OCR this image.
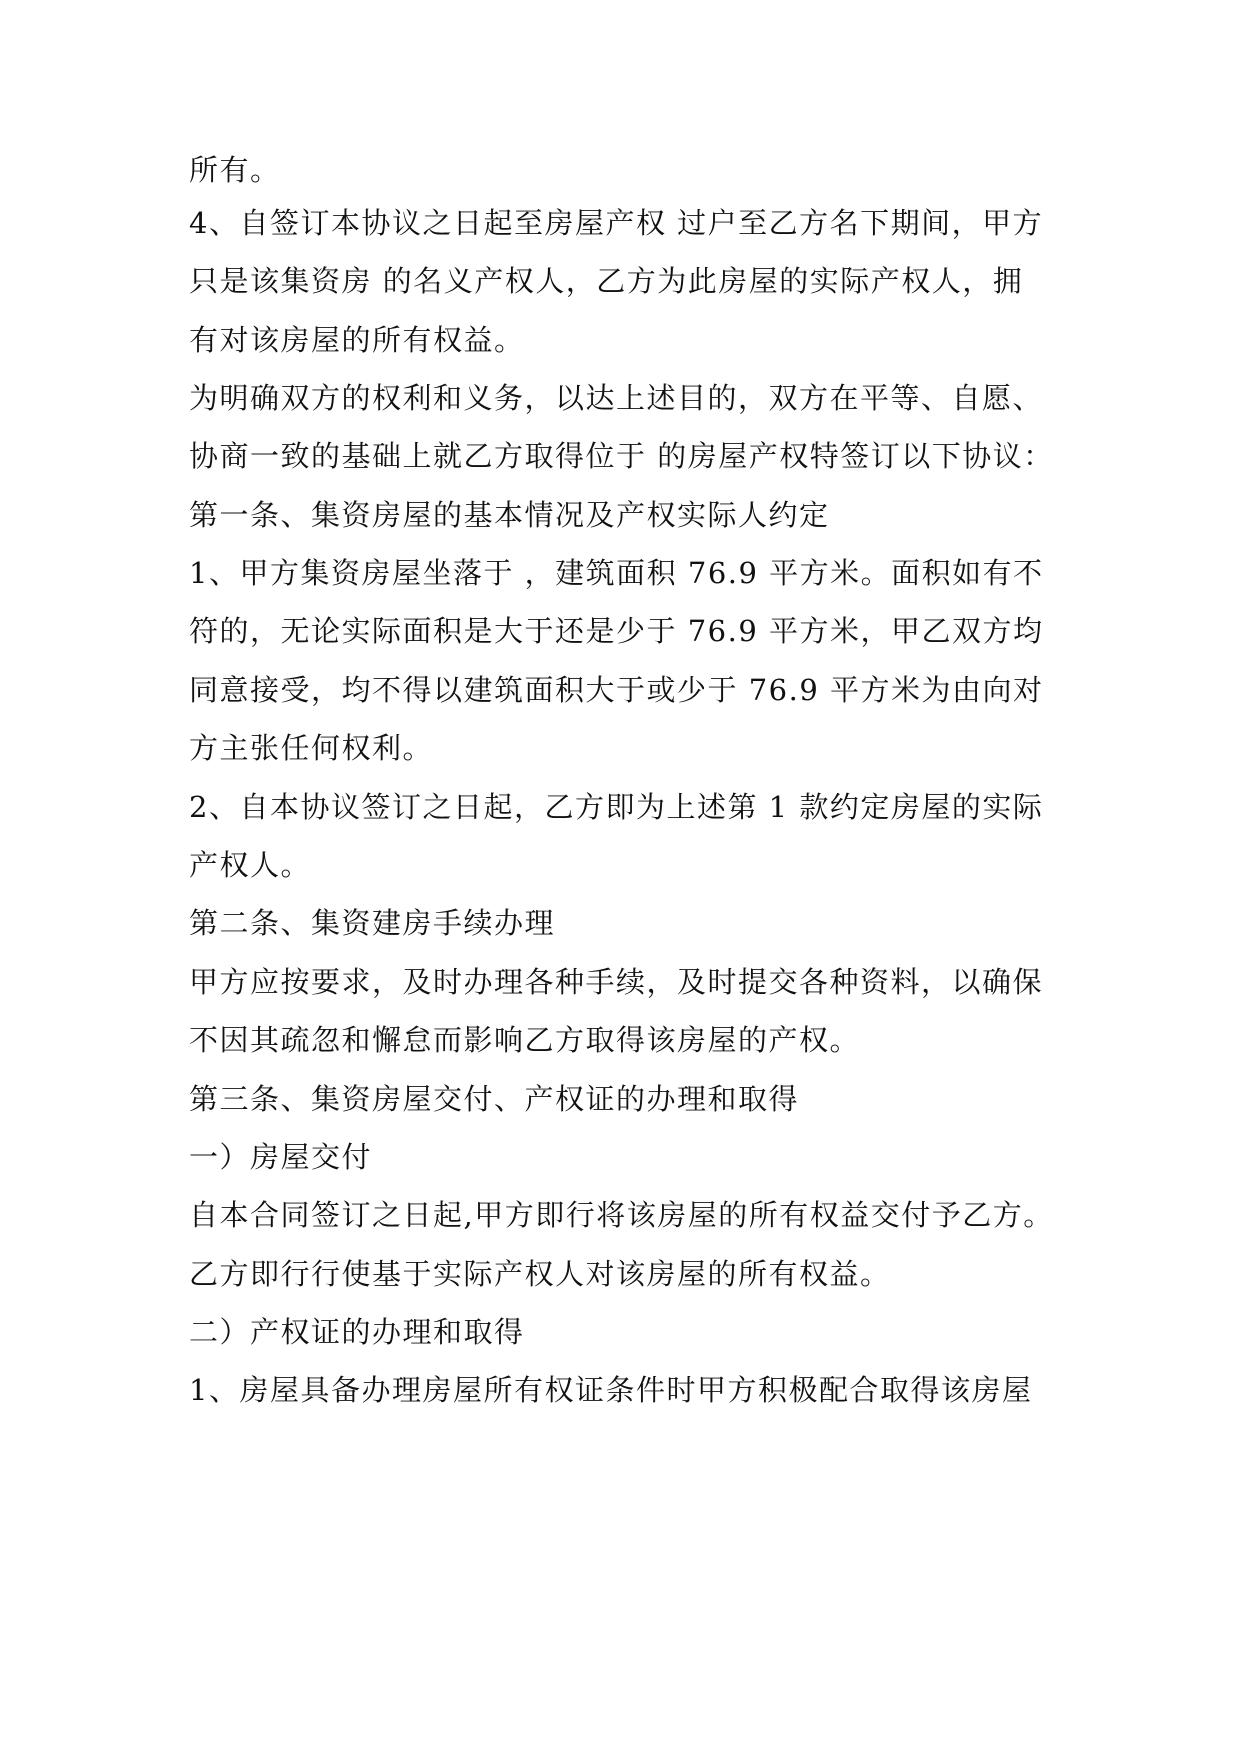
所有。
4、自签订本协议之日起至房屋产权 过户至乙方名下期间，甲方
只是该集资房 的名义产权人，乙方为此房屋的实际产权人，拥
有对该房屋的所有权益。
为明确双方的权利和义务，以达上述目的，双方在平等、自愿、
协商一致的基础上就乙方取得位于 的房屋产权特签订以下协议：
第一条、集资房屋的基本情况及产权实际人约定
1、甲方集资房屋坐落于 ，建筑面积 76.9 平方米。面积如有不
符的，无论实际面积是大于还是少于 76.9 平方米，甲乙双方均
同意接受，均不得以建筑面积大于或少于 76.9 平方米为由向对
方主张任何权利。
2、自本协议签订之日起，乙方即为上述第 1 款约定房屋的实际
产权人。
第二条、集资建房手续办理
甲方应按要求，及时办理各种手续，及时提交各种资料，以确保
不因其疏忽和懈怠而影响乙方取得该房屋的产权。
第三条、集资房屋交付、产权证的办理和取得
一）房屋交付
自本合同签订之日起,甲方即行将该房屋的所有权益交付予乙方。
乙方即行行使基于实际产权人对该房屋的所有权益。
二）产权证的办理和取得
1、房屋具备办理房屋所有权证条件时甲方积极配合取得该房屋
